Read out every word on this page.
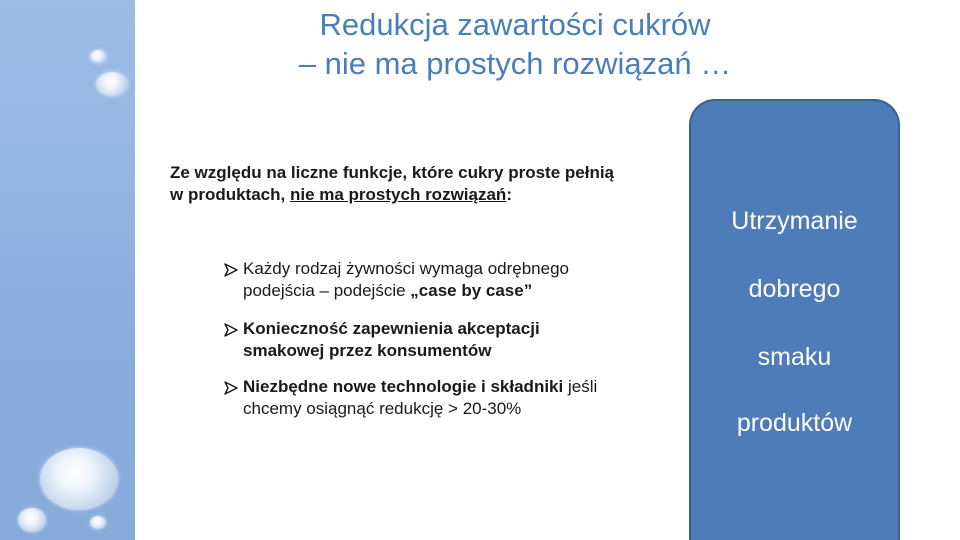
Redukcja zawartości cukrów
– nie ma prostych rozwiązań …
Ze względu na liczne funkcje, które cukry proste pełnią
w produktach, nie ma prostych rozwiązań:
Każdy rodzaj żywności wymaga odrębnego
podejścia – podejście „case by case”
Konieczność zapewnienia akceptacji
smakowej przez konsumentów
Niezbędne nowe technologie i składniki jeśli
chcemy osiągnąć redukcję > 20-30%
Utrzymanie
dobrego
smaku
produktów
